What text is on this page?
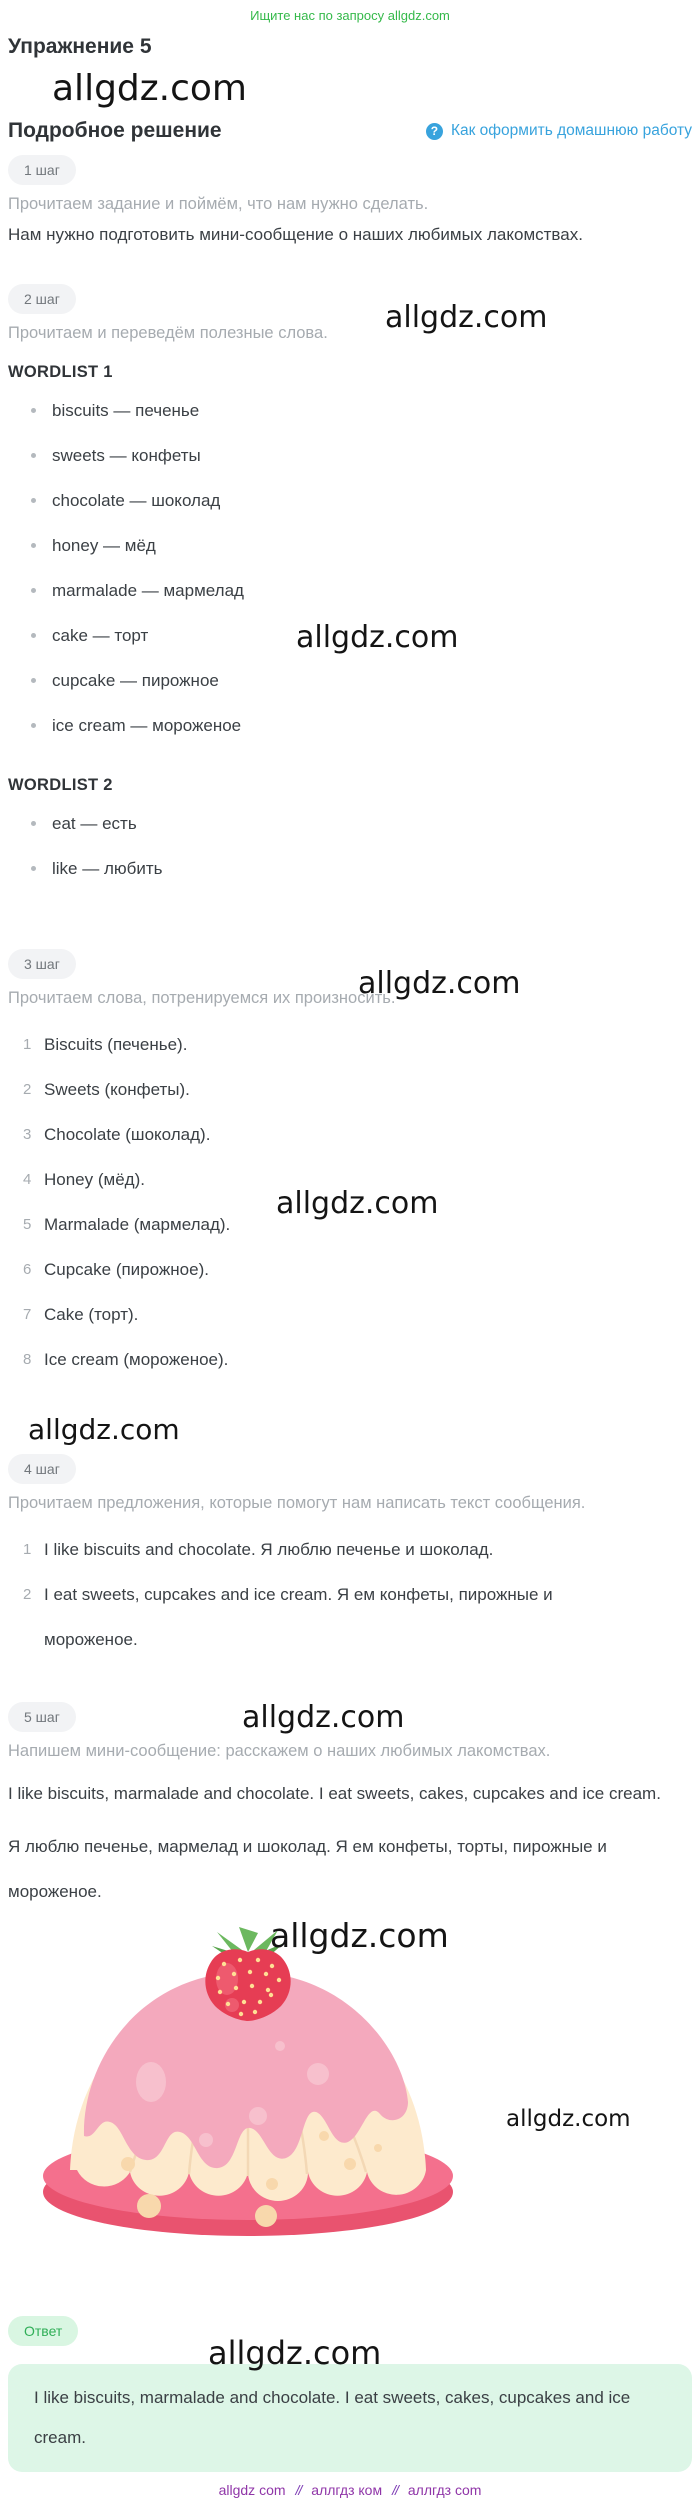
Ищите нас по запросу allgdz.com
Упражнение 5
allgdz.com
Подробное решение	? Как оформить домашнюю работу
1 шаг
Прочитаем задание и поймём, что нам нужно сделать.
Нам нужно подготовить мини-сообщение о наших любимых лакомствах.
2 шаг
Прочитаем и переведём полезные слова.
WORDLIST 1
biscuits — печенье
sweets — конфеты
chocolate — шоколад
honey — мёд
marmalade — мармелад
cake — торт
cupcake — пирожное
ice cream — мороженое
WORDLIST 2
eat — есть
like — любить
3 шаг
Прочитаем слова, потренируемся их произносить.
Biscuits (печенье).
Sweets (конфеты).
Chocolate (шоколад).
Honey (мёд).
Marmalade (мармелад).
Cupcake (пирожное).
Cake (торт).
Ice cream (мороженое).
allgdz.com
4 шаг
Прочитаем предложения, которые помогут нам написать текст сообщения.
I like biscuits and chocolate. Я люблю печенье и шоколад.
I eat sweets, cupcakes and ice cream. Я ем конфеты, пирожные и мороженое.
5 шаг
Напишем мини-сообщение: расскажем о наших любимых лакомствах.

I like biscuits, marmalade and chocolate. I eat sweets, cakes, cupcakes and ice cream.

Я люблю печенье, мармелад и шоколад. Я ем конфеты, торты, пирожные и мороженое.

Ответ
I like biscuits, marmalade and chocolate. I eat sweets, cakes, cupcakes and ice cream.
allgdz com // аллгдз ком // аллгдз com
allgdz.com
allgdz.com
allgdz.com
allgdz.com
allgdz.com
allgdz.com
allgdz.com
allgdz.com
